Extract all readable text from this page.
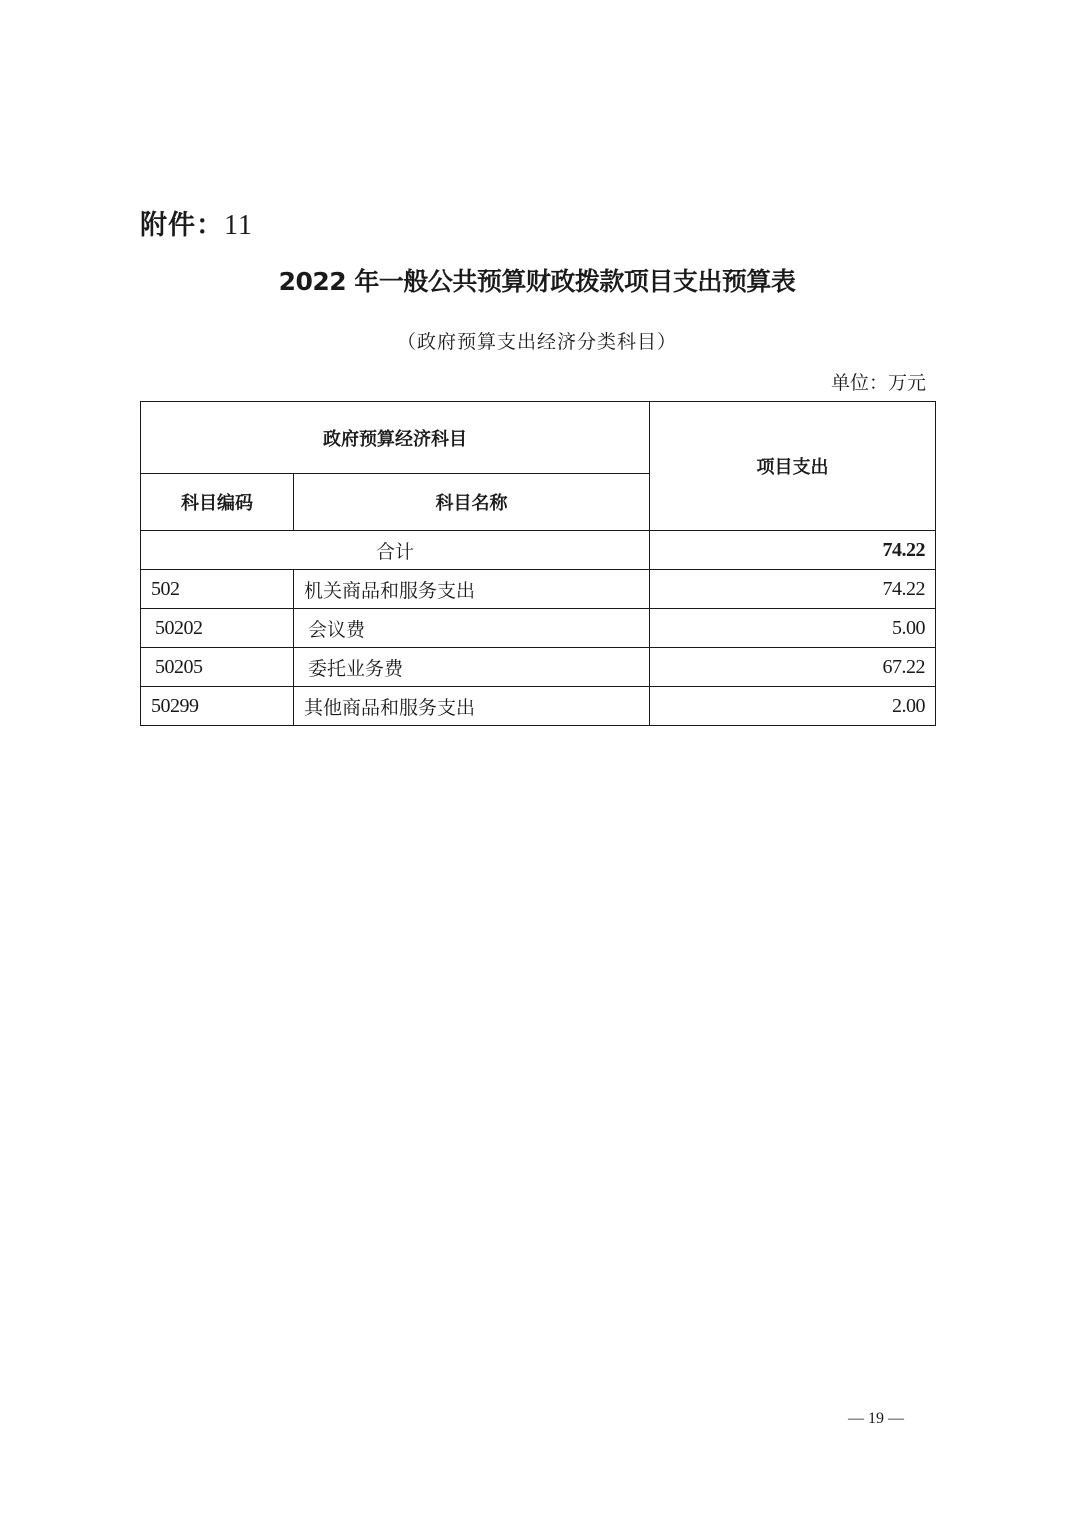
附件：11
2022 年一般公共预算财政拨款项目支出预算表
（政府预算支出经济分类科目）
单位：万元
政府预算经济科目		项目支出
科目编码	科目名称	
合计		74.22
502	机关商品和服务支出	74.22
50202	会议费	5.00
50205	委托业务费	67.22
50299	其他商品和服务支出	2.00
— 19 —
